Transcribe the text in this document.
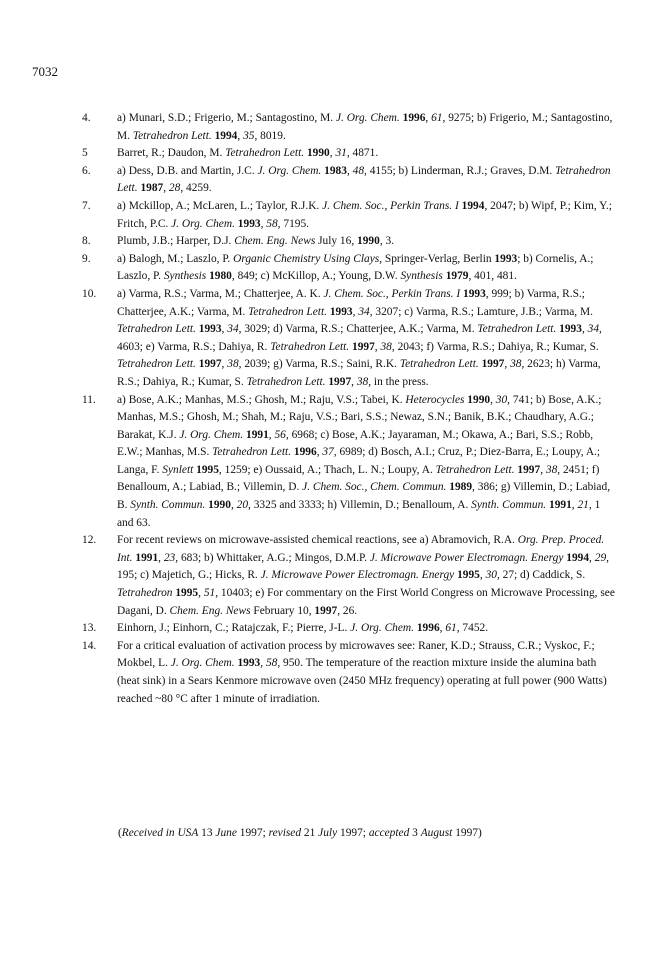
7032
4. a) Munari, S.D.; Frigerio, M.; Santagostino, M. J. Org. Chem. 1996, 61, 9275; b) Frigerio, M.; Santagostino, M. Tetrahedron Lett. 1994, 35, 8019.
5	Barret, R.; Daudon, M. Tetrahedron Lett. 1990, 31, 4871.
6. a) Dess, D.B. and Martin, J.C. J. Org. Chem. 1983, 48, 4155; b) Linderman, R.J.; Graves, D.M. Tetrahedron Lett. 1987, 28, 4259.
7. a) Mckillop, A.; McLaren, L.; Taylor, R.J.K. J. Chem. Soc., Perkin Trans. I 1994, 2047; b) Wipf, P.; Kim, Y.; Fritch, P.C. J. Org. Chem. 1993, 58, 7195.
8. Plumb, J.B.; Harper, D.J. Chem. Eng. News July 16, 1990, 3.
9. a) Balogh, M.; Laszlo, P. Organic Chemistry Using Clays, Springer-Verlag, Berlin 1993; b) Cornelis, A.; Laszlo, P. Synthesis 1980, 849; c) McKillop, A.; Young, D.W. Synthesis 1979, 401, 481.
10. a) Varma, R.S.; Varma, M.; Chatterjee, A. K. J. Chem. Soc., Perkin Trans. I 1993, 999; b) Varma, R.S.; Chatterjee, A.K.; Varma, M. Tetrahedron Lett. 1993, 34, 3207; c) Varma, R.S.; Lamture, J.B.; Varma, M. Tetrahedron Lett. 1993, 34, 3029; d) Varma, R.S.; Chatterjee, A.K.; Varma, M. Tetrahedron Lett. 1993, 34, 4603; e) Varma, R.S.; Dahiya, R. Tetrahedron Lett. 1997, 38, 2043; f) Varma, R.S.; Dahiya, R.; Kumar, S. Tetrahedron Lett. 1997, 38, 2039; g) Varma, R.S.; Saini, R.K. Tetrahedron Lett. 1997, 38, 2623; h) Varma, R.S.; Dahiya, R.; Kumar, S. Tetrahedron Lett. 1997, 38, in the press.
11. a) Bose, A.K.; Manhas, M.S.; Ghosh, M.; Raju, V.S.; Tabei, K. Heterocycles 1990, 30, 741; b) Bose, A.K.; Manhas, M.S.; Ghosh, M.; Shah, M.; Raju, V.S.; Bari, S.S.; Newaz, S.N.; Banik, B.K.; Chaudhary, A.G.; Barakat, K.J. J. Org. Chem. 1991, 56, 6968; c) Bose, A.K.; Jayaraman, M.; Okawa, A.; Bari, S.S.; Robb, E.W.; Manhas, M.S. Tetrahedron Lett. 1996, 37, 6989; d) Bosch, A.I.; Cruz, P.; Diez-Barra, E.; Loupy, A.; Langa, F. Synlett 1995, 1259; e) Oussaid, A.; Thach, L. N.; Loupy, A. Tetrahedron Lett. 1997, 38, 2451; f) Benalloum, A.; Labiad, B.; Villemin, D. J. Chem. Soc., Chem. Commun. 1989, 386; g) Villemin, D.; Labiad, B. Synth. Commun. 1990, 20, 3325 and 3333; h) Villemin, D.; Benalloum, A. Synth. Commun. 1991, 21, 1 and 63.
12. For recent reviews on microwave-assisted chemical reactions, see a) Abramovich, R.A. Org. Prep. Proced. Int. 1991, 23, 683; b) Whittaker, A.G.; Mingos, D.M.P. J. Microwave Power Electromagn. Energy 1994, 29, 195; c) Majetich, G.; Hicks, R. J. Microwave Power Electromagn. Energy 1995, 30, 27; d) Caddick, S. Tetrahedron 1995, 51, 10403; e) For commentary on the First World Congress on Microwave Processing, see Dagani, D. Chem. Eng. News February 10, 1997, 26.
13. Einhorn, J.; Einhorn, C.; Ratajczak, F.; Pierre, J-L. J. Org. Chem. 1996, 61, 7452.
14. For a critical evaluation of activation process by microwaves see: Raner, K.D.; Strauss, C.R.; Vyskoc, F.; Mokbel, L. J. Org. Chem. 1993, 58, 950. The temperature of the reaction mixture inside the alumina bath (heat sink) in a Sears Kenmore microwave oven (2450 MHz frequency) operating at full power (900 Watts) reached ~80 °C after 1 minute of irradiation.
(Received in USA 13 June 1997; revised 21 July 1997; accepted 3 August 1997)
